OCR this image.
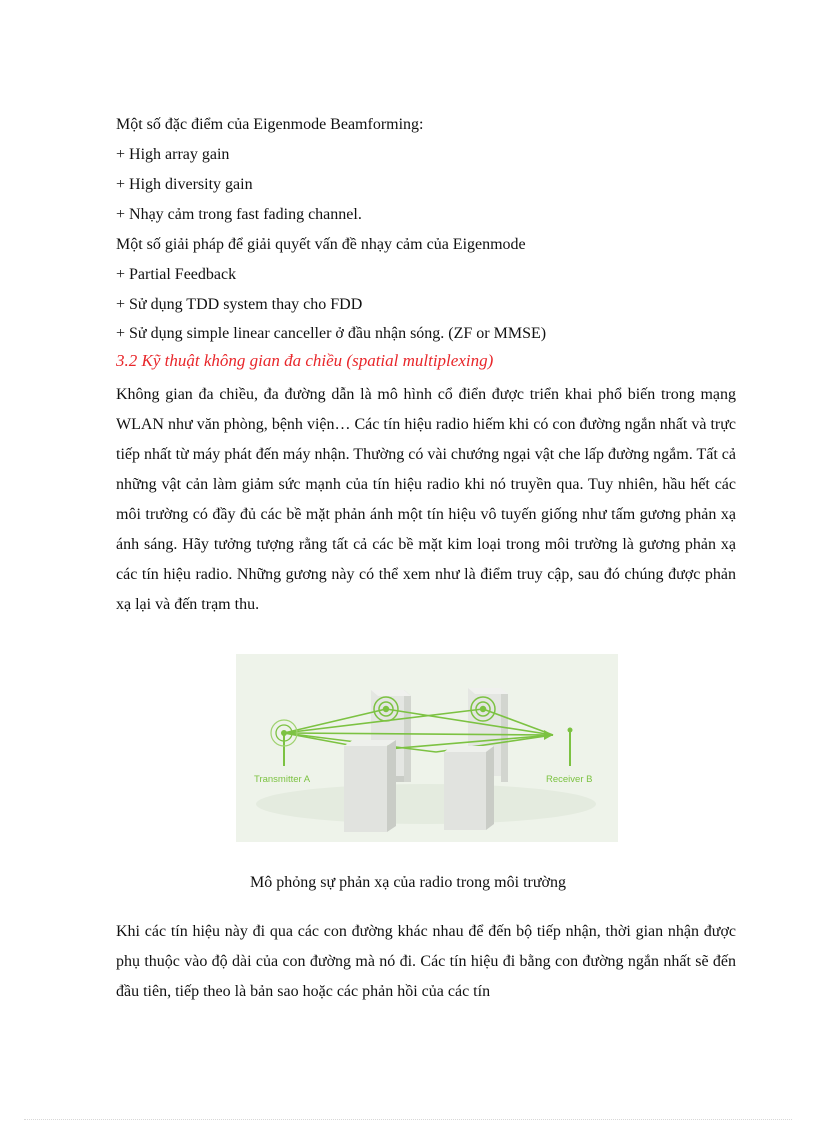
Một số đặc điểm của Eigenmode Beamforming:
+ High array gain
+ High diversity gain
+ Nhạy cảm trong fast fading channel.
Một số giải pháp để giải quyết vấn đề nhạy cảm của Eigenmode
+ Partial Feedback
+ Sử dụng TDD system thay cho FDD
+ Sử dụng simple linear canceller ở đầu nhận sóng. (ZF or MMSE)
3.2 Kỹ thuật không gian đa chiều (spatial multiplexing)
Không gian đa chiều, đa đường dẫn là mô hình cổ điển được triển khai phổ biến trong mạng WLAN như văn phòng, bệnh viện… Các tín hiệu radio hiếm khi có con đường ngắn nhất và trực tiếp nhất từ máy phát đến máy nhận. Thường có vài chướng ngại vật che lấp đường ngắm. Tất cả những vật cản làm giảm sức mạnh của tín hiệu radio khi nó truyền qua. Tuy nhiên, hầu hết các môi trường có đầy đủ các bề mặt phản ánh một tín hiệu vô tuyến giống như tấm gương phản xạ ánh sáng. Hãy tưởng tượng rằng tất cả các bề mặt kim loại trong môi trường là gương phản xạ các tín hiệu radio. Những gương này có thể xem như là điểm truy cập, sau đó chúng được phản xạ lại và đến trạm thu.
Transmitter A	Receiver B
Mô phỏng sự phản xạ của radio trong môi trường
Khi các tín hiệu này đi qua các con đường khác nhau để đến bộ tiếp nhận, thời gian nhận được phụ thuộc vào độ dài của con đường mà nó đi. Các tín hiệu đi bằng con đường ngắn nhất sẽ đến đầu tiên, tiếp theo là bản sao hoặc các phản hồi của các tín
